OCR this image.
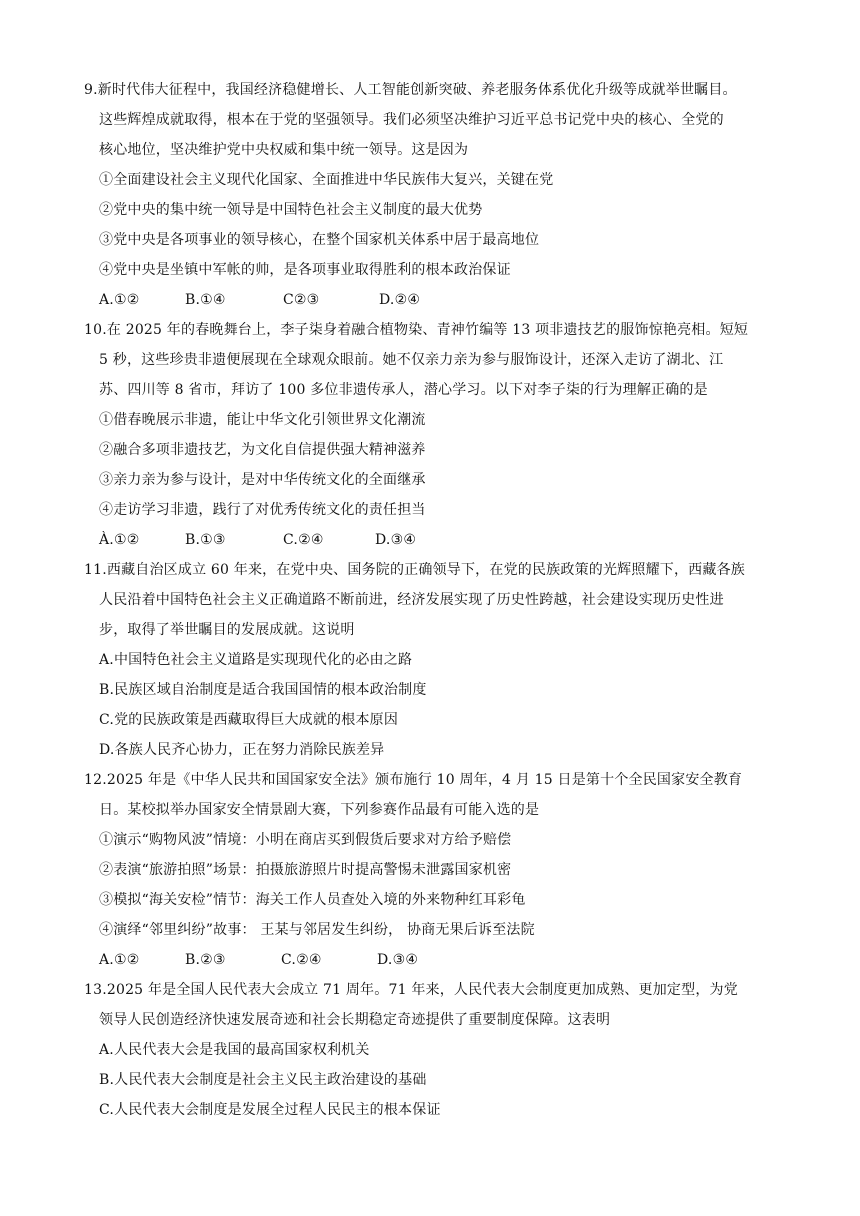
9.新时代伟大征程中，我国经济稳健增长、人工智能创新突破、养老服务体系优化升级等成就举世瞩目。
这些辉煌成就取得，根本在于党的坚强领导。我们必须坚决维护习近平总书记党中央的核心、全党的
核心地位，坚决维护党中央权威和集中统一领导。这是因为
①全面建设社会主义现代化国家、全面推进中华民族伟大复兴，关键在党
②党中央的集中统一领导是中国特色社会主义制度的最大优势
③党中央是各项事业的领导核心，在整个国家机关体系中居于最高地位
④党中央是坐镇中军帐的帅，是各项事业取得胜利的根本政治保证
A.①②	B.①④	C②③	D.②④
10.在 2025 年的春晚舞台上，李子柒身着融合植物染、青神竹编等 13 项非遗技艺的服饰惊艳亮相。短短
5 秒，这些珍贵非遗便展现在全球观众眼前。她不仅亲力亲为参与服饰设计，还深入走访了湖北、江
苏、四川等 8 省市，拜访了 100 多位非遗传承人，潜心学习。以下对李子柒的行为理解正确的是
①借春晚展示非遗，能让中华文化引领世界文化潮流
②融合多项非遗技艺，为文化自信提供强大精神滋养
③亲力亲为参与设计，是对中华传统文化的全面继承
④走访学习非遗，践行了对优秀传统文化的责任担当
À.①②	B.①③	C.②④	D.③④
11.西藏自治区成立 60 年来，在党中央、国务院的正确领导下，在党的民族政策的光辉照耀下，西藏各族
人民沿着中国特色社会主义正确道路不断前进，经济发展实现了历史性跨越，社会建设实现历史性进
步，取得了举世瞩目的发展成就。这说明
A.中国特色社会主义道路是实现现代化的必由之路
B.民族区域自治制度是适合我国国情的根本政治制度
C.党的民族政策是西藏取得巨大成就的根本原因
D.各族人民齐心协力，正在努力消除民族差异
12.2025 年是《中华人民共和国国家安全法》颁布施行 10 周年，4 月 15 日是第十个全民国家安全教育
日。某校拟举办国家安全情景剧大赛，下列参赛作品最有可能入选的是
①演示“购物风波”情境：小明在商店买到假货后要求对方给予赔偿
②表演“旅游拍照”场景：拍摄旅游照片时提高警惕未泄露国家机密
③模拟“海关安检”情节：海关工作人员查处入境的外来物种红耳彩龟
④演绎“邻里纠纷”故事： 王某与邻居发生纠纷， 协商无果后诉至法院
A.①②	B.②③	C.②④	D.③④
13.2025 年是全国人民代表大会成立 71 周年。71 年来，人民代表大会制度更加成熟、更加定型，为党
领导人民创造经济快速发展奇迹和社会长期稳定奇迹提供了重要制度保障。这表明
A.人民代表大会是我国的最高国家权利机关
B.人民代表大会制度是社会主义民主政治建设的基础
C.人民代表大会制度是发展全过程人民民主的根本保证
